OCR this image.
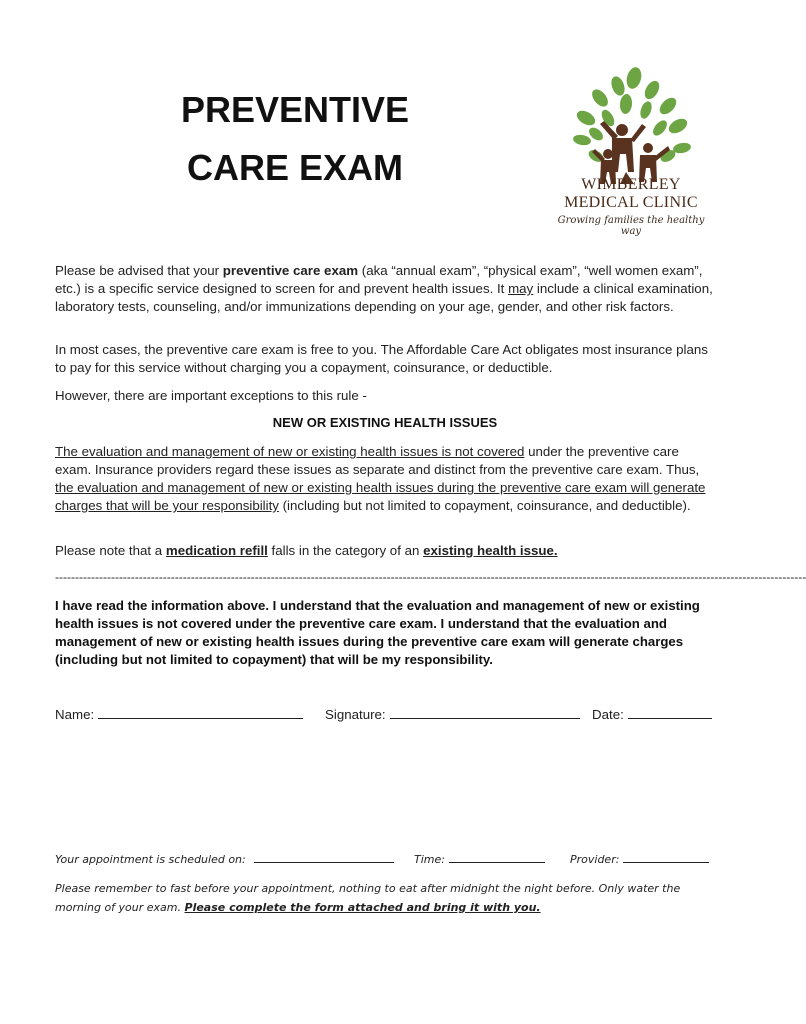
PREVENTIVE
CARE EXAM	WIMBERLEY
MEDICAL CLINIC
Growing families the healthy way
Please be advised that your preventive care exam (aka “annual exam”, “physical exam”, “well women exam”, etc.) is a specific service designed to screen for and prevent health issues. It may include a clinical examination, laboratory tests, counseling, and/or immunizations depending on your age, gender, and other risk factors.
In most cases, the preventive care exam is free to you. The Affordable Care Act obligates most insurance plans to pay for this service without charging you a copayment, coinsurance, or deductible.
However, there are important exceptions to this rule -
NEW OR EXISTING HEALTH ISSUES
The evaluation and management of new or existing health issues is not covered under the preventive care exam. Insurance providers regard these issues as separate and distinct from the preventive care exam. Thus, the evaluation and management of new or existing health issues during the preventive care exam will generate charges that will be your responsibility (including but not limited to copayment, coinsurance, and deductible).
Please note that a medication refill falls in the category of an existing health issue.
--------------------------------------------------------------------------------------------------------------------------------------------------------------------------------------------
I have read the information above. I understand that the evaluation and management of new or existing health issues is not covered under the preventive care exam. I understand that the evaluation and management of new or existing health issues during the preventive care exam will generate charges (including but not limited to copayment) that will be my responsibility.
Name:	Signature:	Date:
Your appointment is scheduled on:	Time:	Provider:
Please remember to fast before your appointment, nothing to eat after midnight the night before. Only water the morning of your exam. Please complete the form attached and bring it with you.
